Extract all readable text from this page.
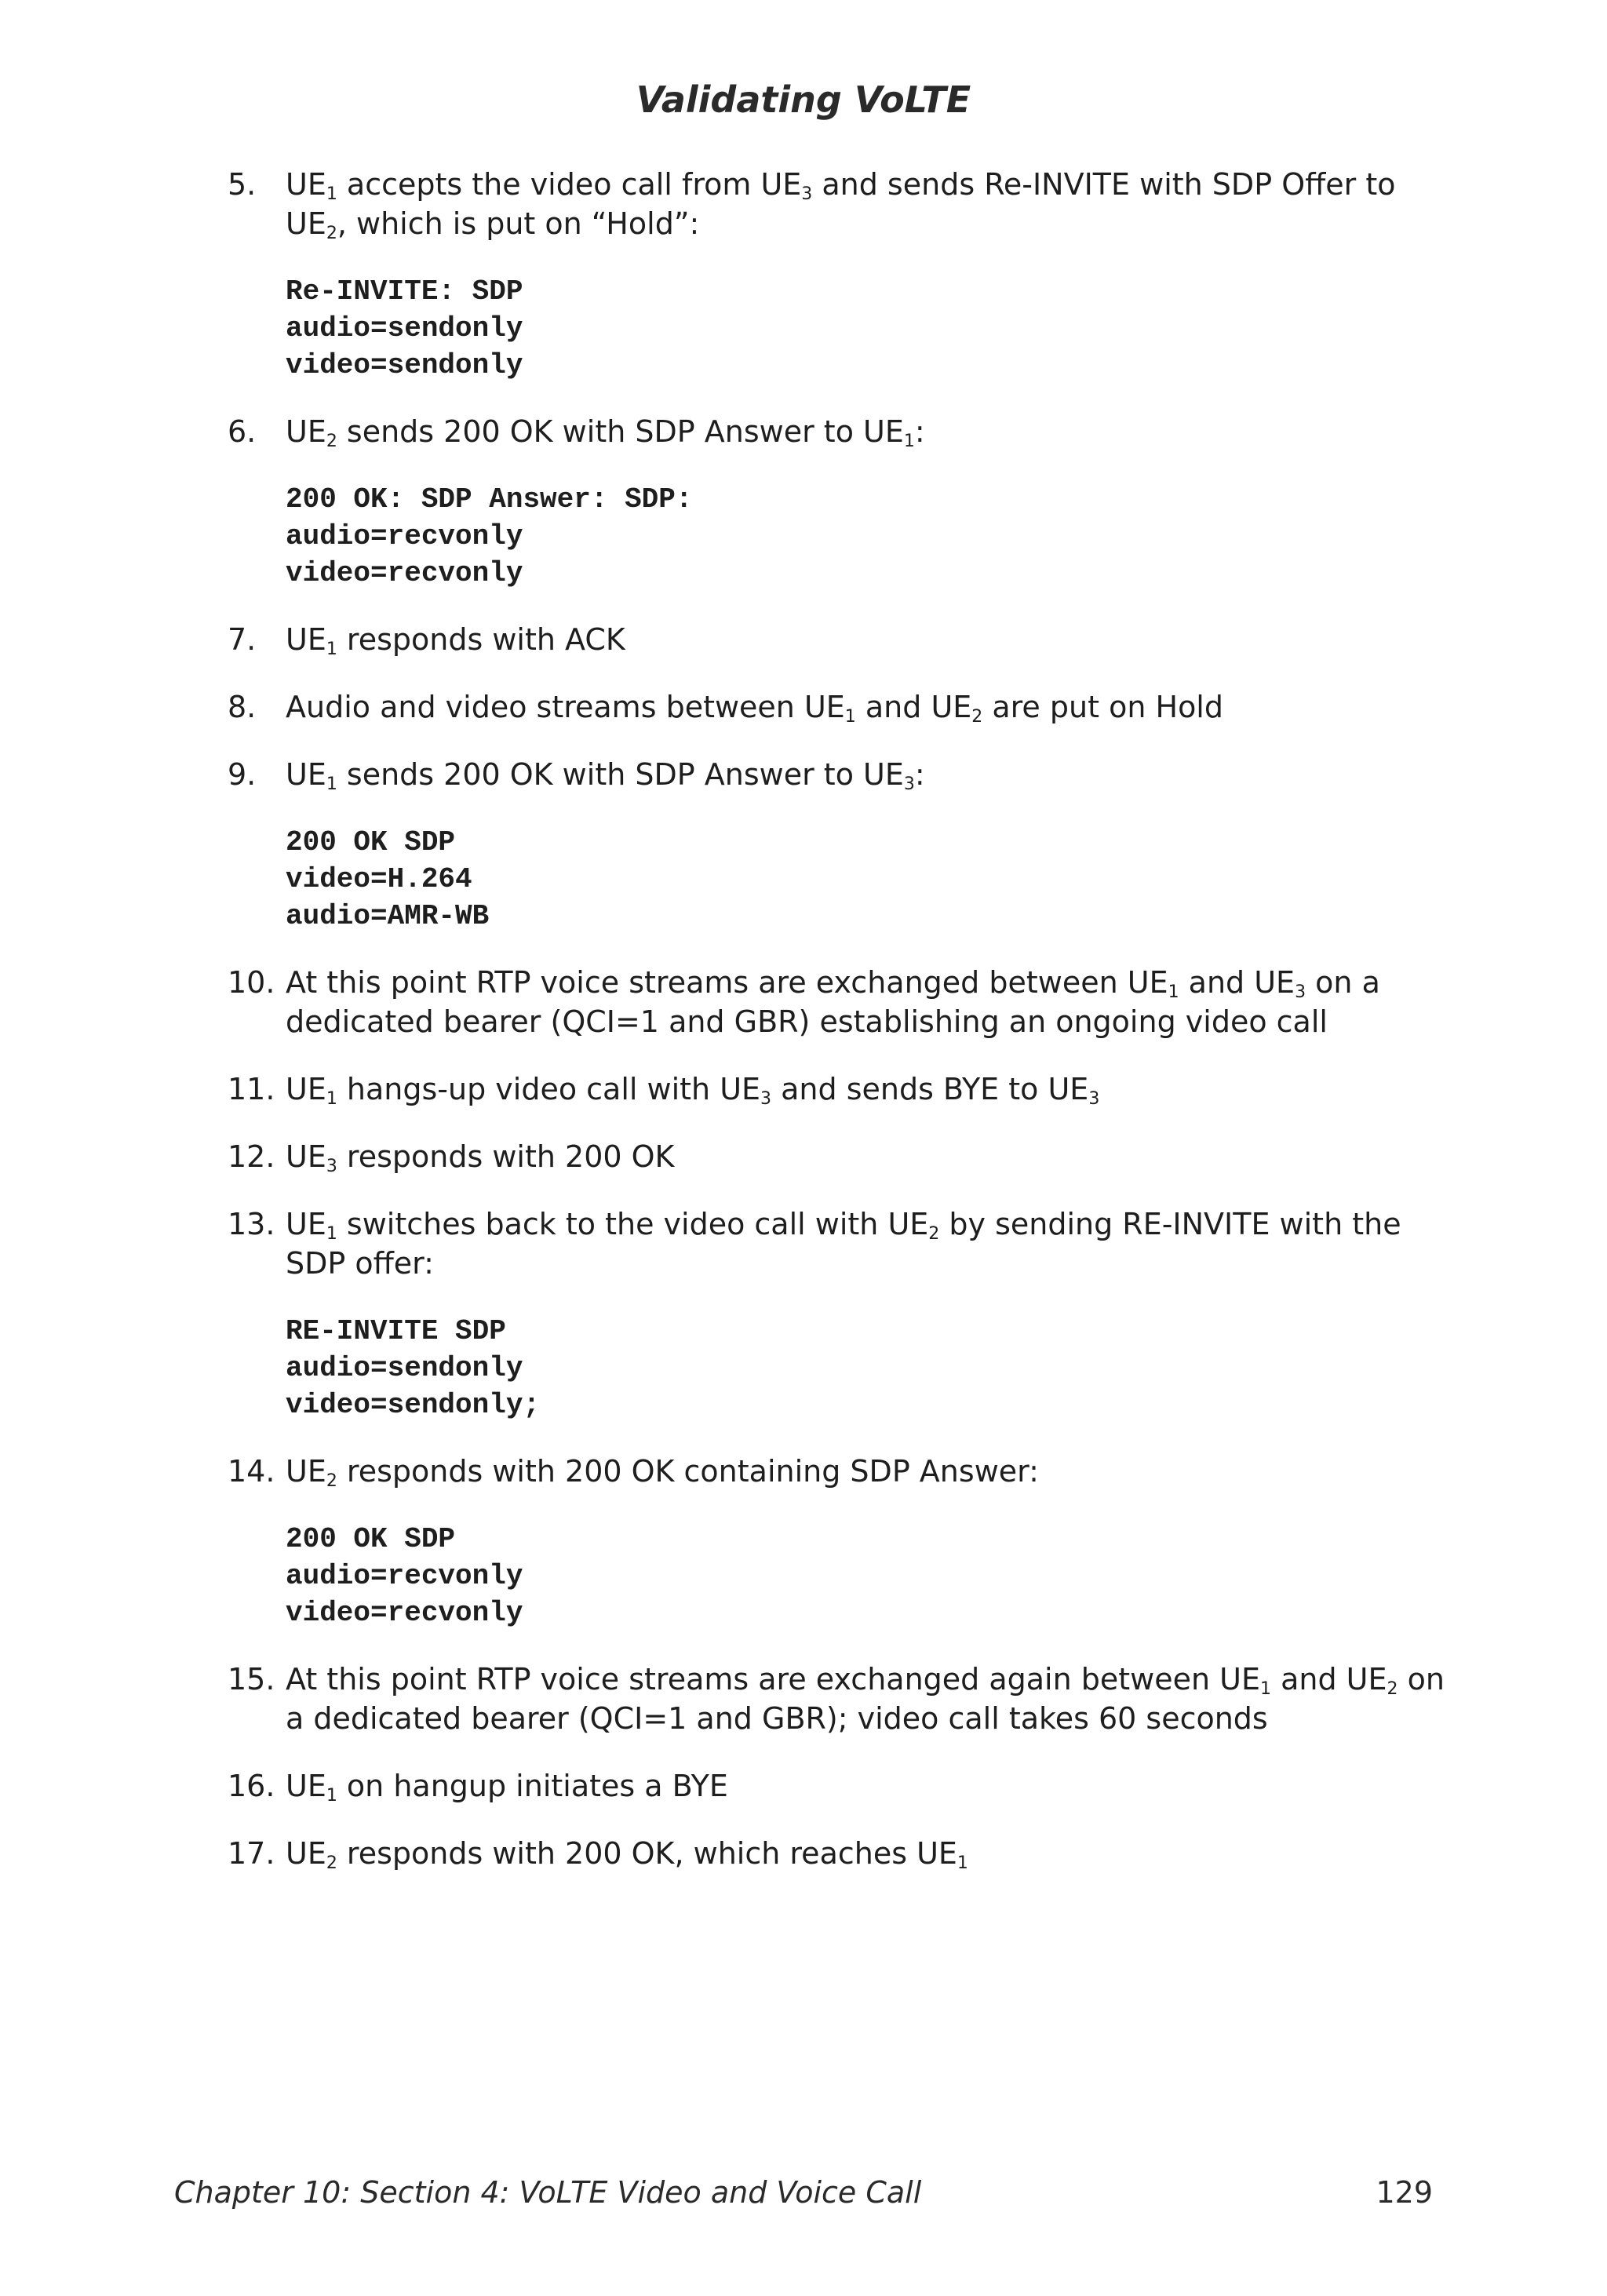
Validating VoLTE
5. $UE_1$ accepts the video call from $UE_3$ and sends Re-INVITE with SDP Offer to $UE_2$, which is put on “Hold”:
Re-INVITE: SDP
audio=sendonly
video=sendonly
6. $UE_2$ sends 200 OK with SDP Answer to $UE_1$:
200 OK: SDP Answer: SDP:
audio=recvonly
video=recvonly
7. $UE_1$ responds with ACK
8. Audio and video streams between $UE_1$ and $UE_2$ are put on Hold
9. $UE_1$ sends 200 OK with SDP Answer to $UE_3$:
200 OK SDP
video=H.264
audio=AMR-WB
10. At this point RTP voice streams are exchanged between $UE_1$ and $UE_3$ on a dedicated bearer (QCI=1 and GBR) establishing an ongoing video call
11. $UE_1$ hangs-up video call with $UE_3$ and sends BYE to $UE_3$
12. $UE_3$ responds with 200 OK
13. $UE_1$ switches back to the video call with $UE_2$ by sending RE-INVITE with the SDP offer:
RE-INVITE SDP
audio=sendonly
video=sendonly;
14. $UE_2$ responds with 200 OK containing SDP Answer:
200 OK SDP
audio=recvonly
video=recvonly
15. At this point RTP voice streams are exchanged again between $UE_1$ and $UE_2$ on a dedicated bearer (QCI=1 and GBR); video call takes 60 seconds
16. $UE_1$ on hangup initiates a BYE
17. $UE_2$ responds with 200 OK, which reaches $UE_1$
Chapter 10: Section 4: VoLTE Video and Voice Call	129
